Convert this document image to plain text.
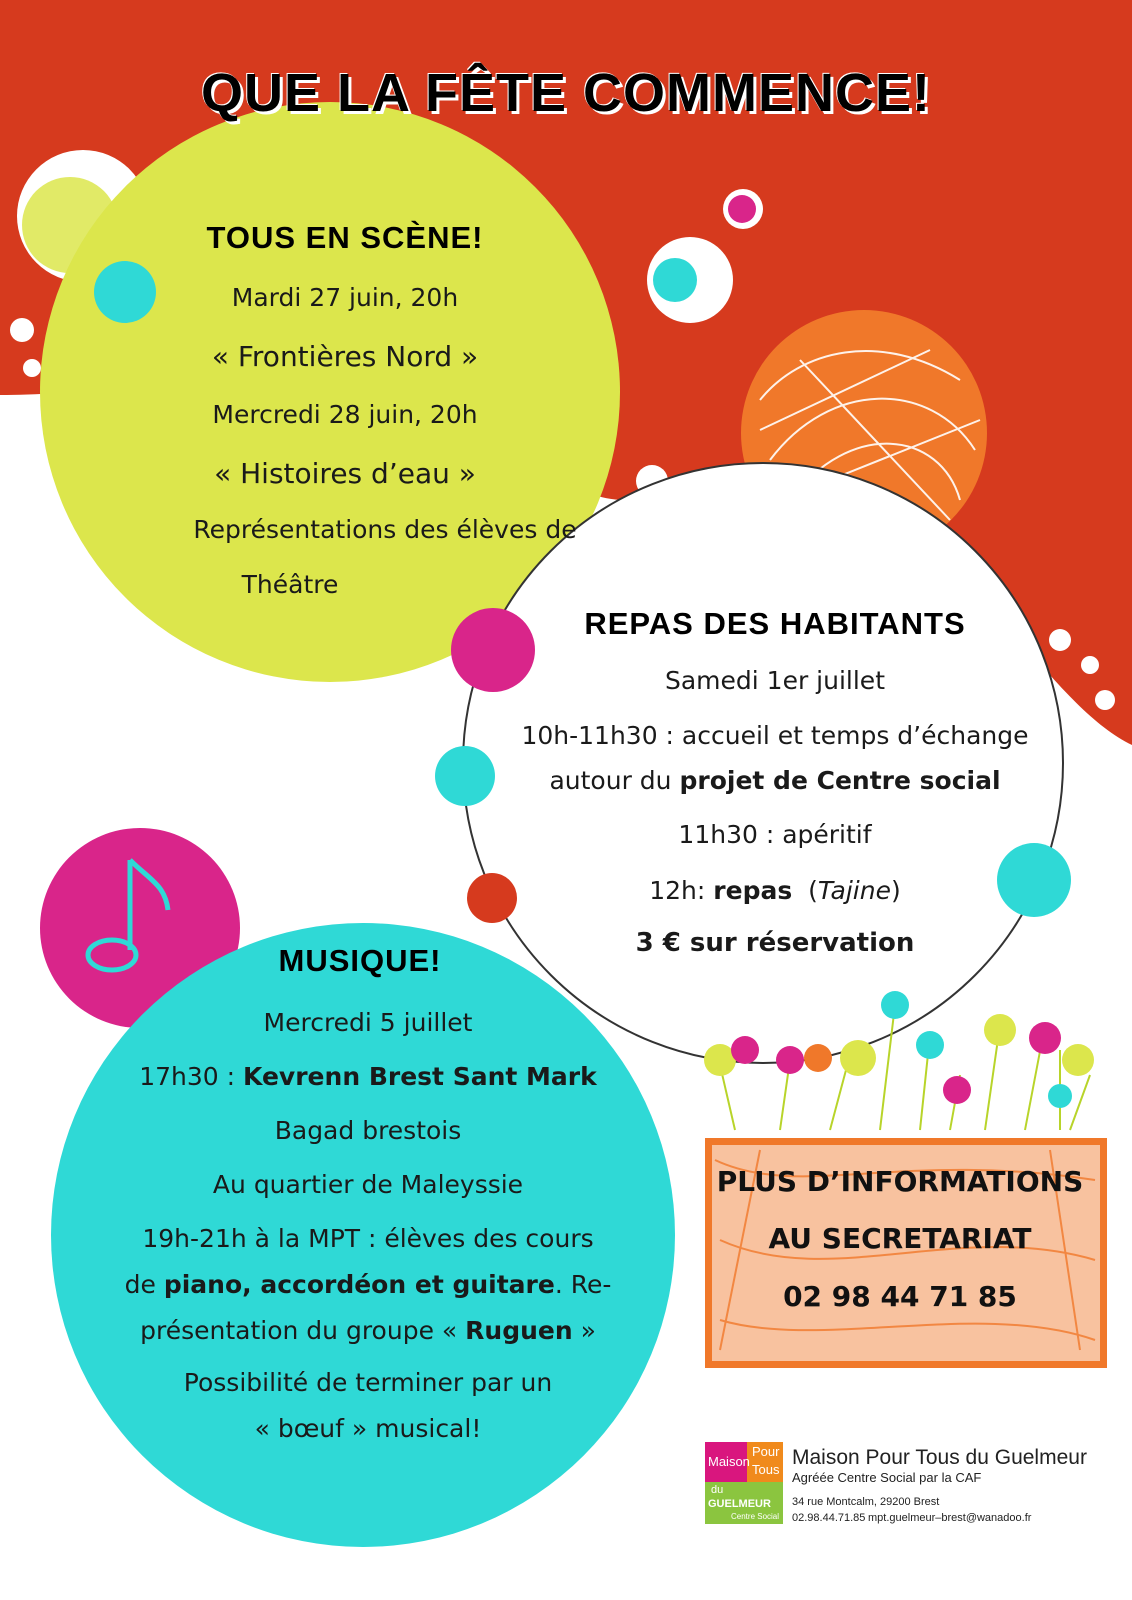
QUE LA FÊTE COMMENCE!
TOUS EN SCÈNE!
Mardi 27 juin, 20h
« Frontières Nord »
Mercredi 28 juin, 20h
« Histoires d’eau »
Représentations des élèves de
Théâtre
REPAS DES HABITANTS
Samedi 1er juillet
10h-11h30 : accueil et temps d’échange
autour du projet de Centre social
11h30 : apéritif
12h: repas  (Tajine)
3 € sur réservation
MUSIQUE!
Mercredi 5 juillet
17h30 : Kevrenn Brest Sant Mark
Bagad brestois
Au quartier de Maleyssie
19h-21h à la MPT : élèves des cours
de piano, accordéon et guitare. Re-
présentation du groupe « Ruguen »
Possibilité de terminer par un
« bœuf » musical!
PLUS D’INFORMATIONS
AU SECRETARIAT
02 98 44 71 85
Maison
Pour
Tous
du
GUELMEUR
Centre Social
Maison Pour Tous du Guelmeur
Agréée Centre Social par la CAF
34 rue Montcalm, 29200 Brest
02.98.44.71.85 mpt.guelmeur–brest@wanadoo.fr
